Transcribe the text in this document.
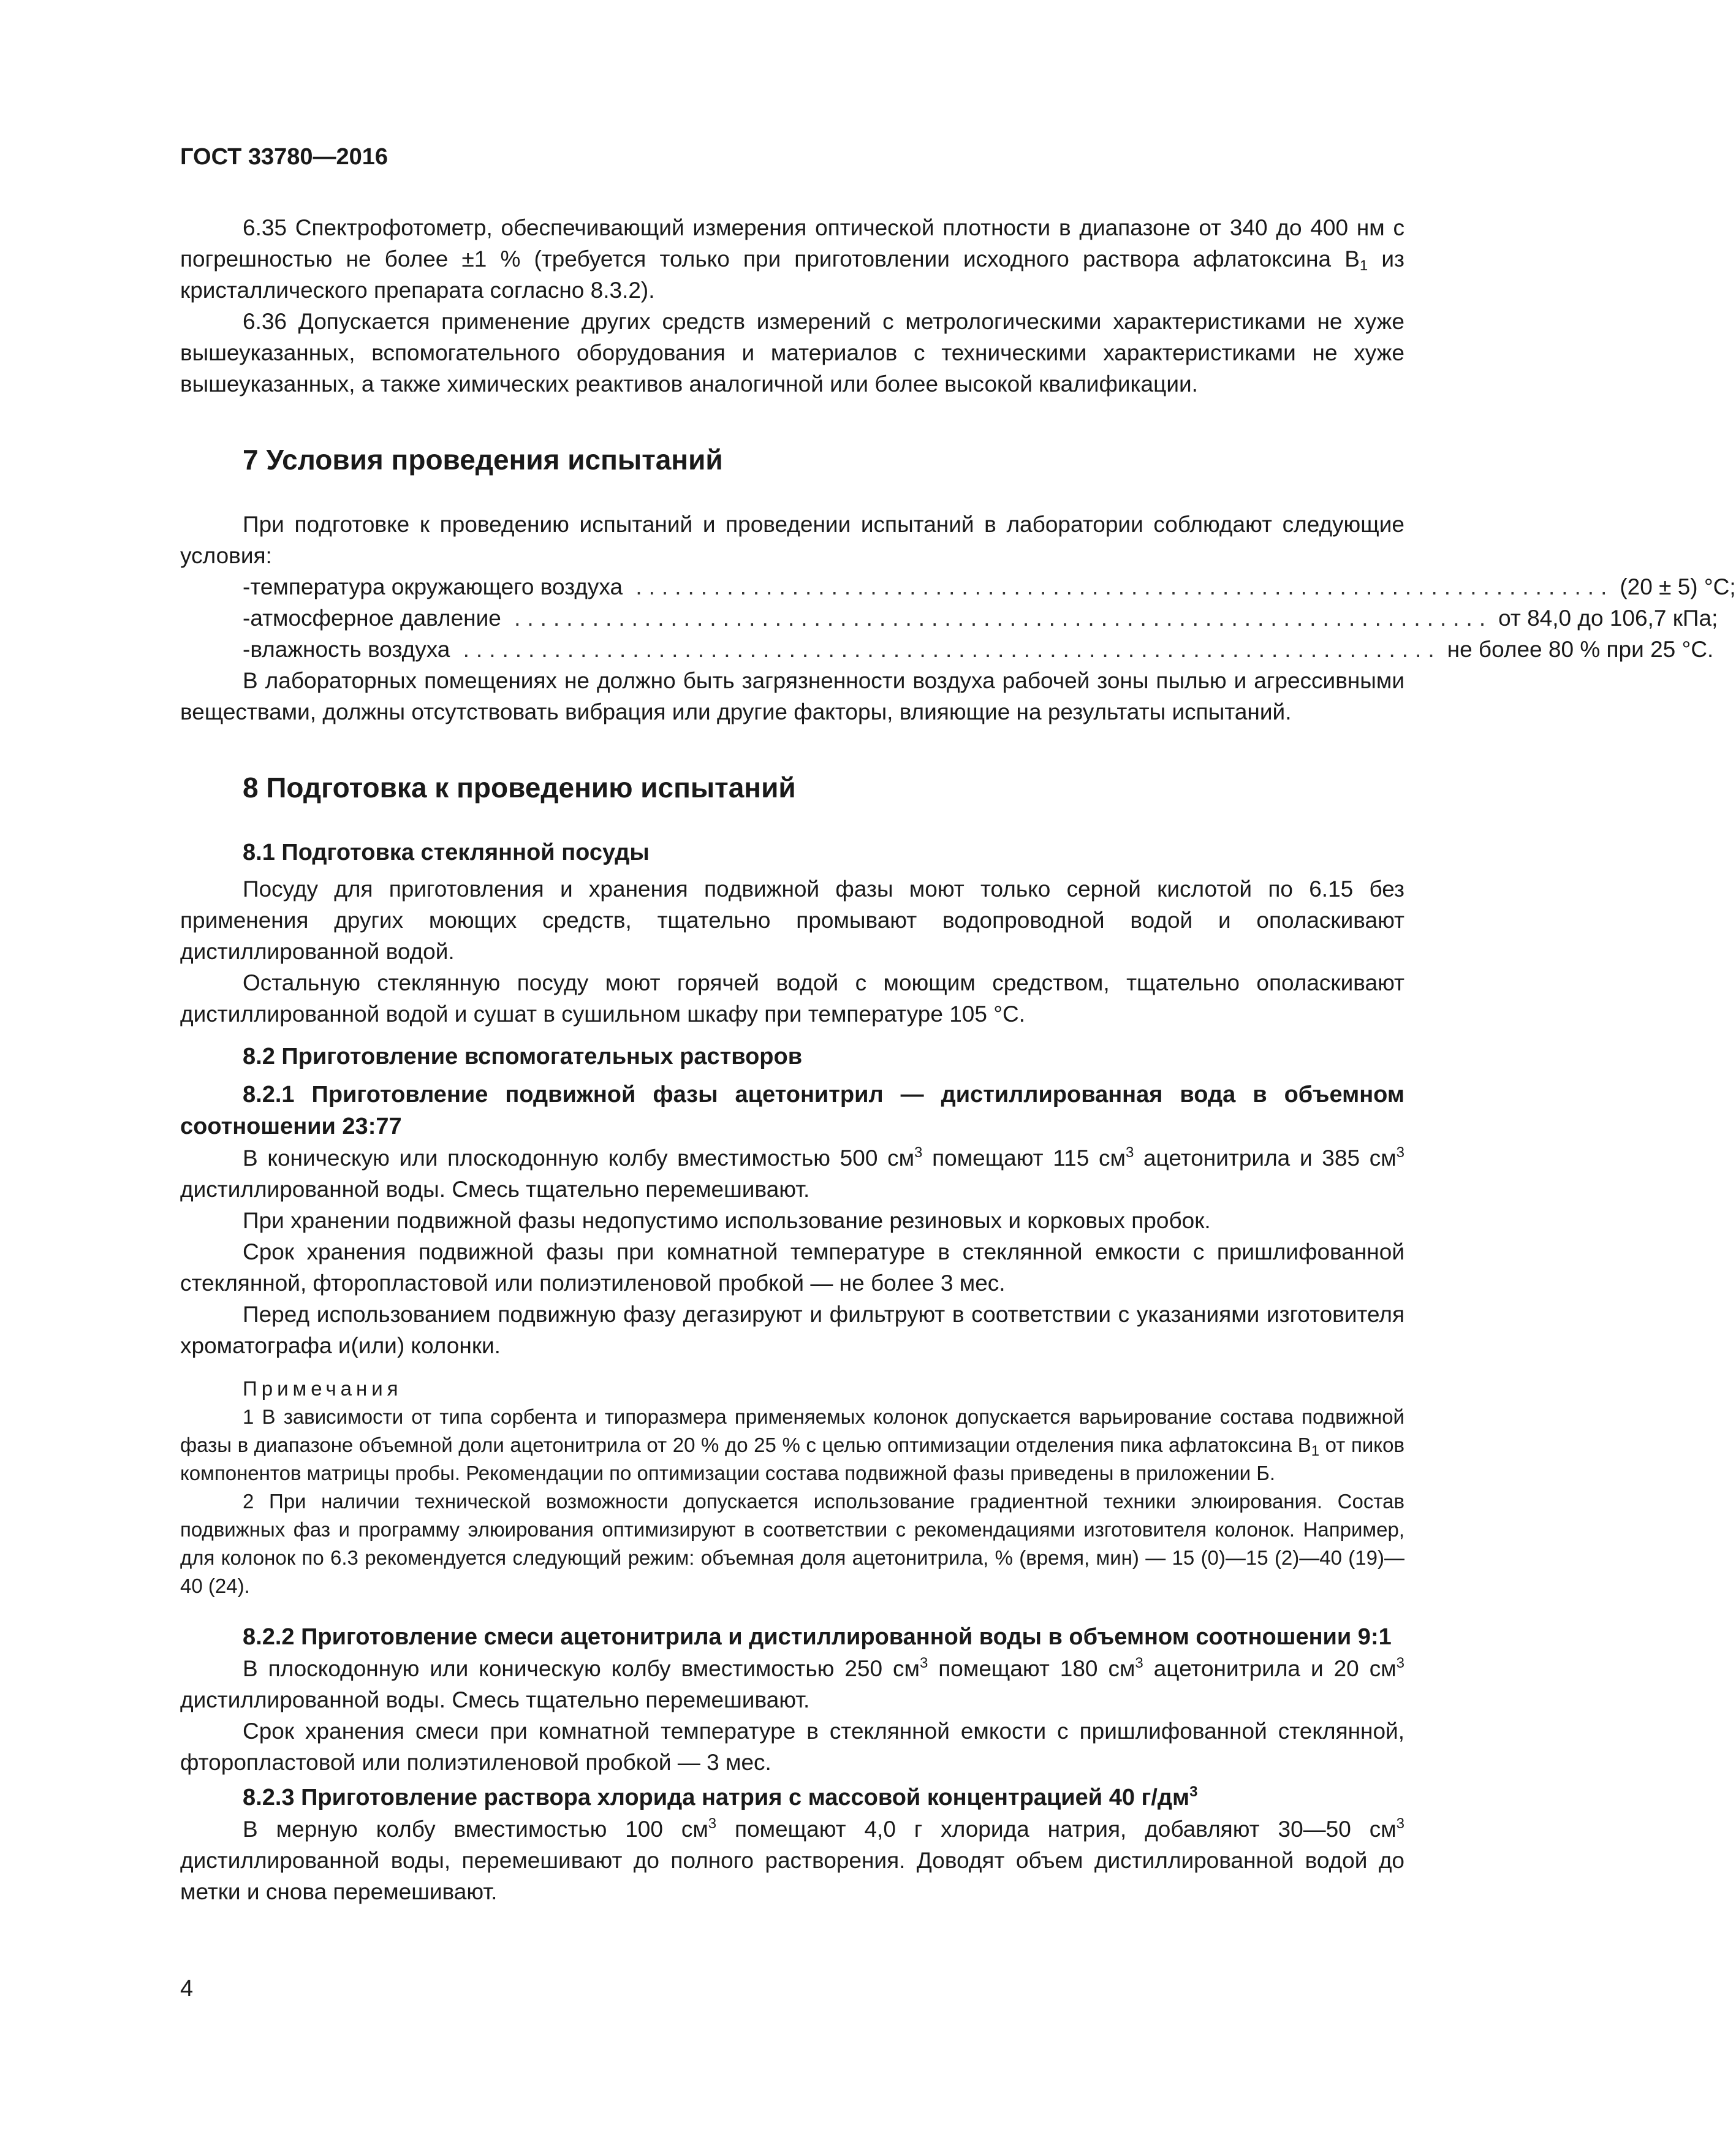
ГОСТ 33780—2016

6.35 Спектрофотометр, обеспечивающий измерения оптической плотности в диапазоне от 340 до 400 нм с погрешностью не более ±1 % (требуется только при приготовлении исходного раствора афлатоксина $В_1$ из кристаллического препарата согласно 8.3.2).

6.36 Допускается применение других средств измерений с метрологическими характеристиками не хуже вышеуказанных, вспомогательного оборудования и материалов с техническими характеристиками не хуже вышеуказанных, а также химических реактивов аналогичной или более высокой квалификации.

7 Условия проведения испытаний

При подготовке к проведению испытаний и проведении испытаний в лаборатории соблюдают следующие условия:

- температура окружающего воздуха ........................................................................... (20 ± 5) °С;
- атмосферное давление ........................................................................... от 84,0 до 106,7 кПа;
- влажность воздуха ........................................................................... не более 80 % при 25 °С.

В лабораторных помещениях не должно быть загрязненности воздуха рабочей зоны пылью и агрессивными веществами, должны отсутствовать вибрация или другие факторы, влияющие на результаты испытаний.

8 Подготовка к проведению испытаний
8.1 Подготовка стеклянной посуды

Посуду для приготовления и хранения подвижной фазы моют только серной кислотой по 6.15 без применения других моющих средств, тщательно промывают водопроводной водой и ополаскивают дистиллированной водой.

Остальную стеклянную посуду моют горячей водой с моющим средством, тщательно ополаскивают дистиллированной водой и сушат в сушильном шкафу при температуре 105 °С.

8.2 Приготовление вспомогательных растворов
8.2.1 Приготовление подвижной фазы ацетонитрил — дистиллированная вода в объемном соотношении 23:77

В коническую или плоскодонную колбу вместимостью 500 $см^3$ помещают 115 $см^3$ ацетонитрила и 385 $см^3$ дистиллированной воды. Смесь тщательно перемешивают.

При хранении подвижной фазы недопустимо использование резиновых и корковых пробок.

Срок хранения подвижной фазы при комнатной температуре в стеклянной емкости с пришлифованной стеклянной, фторопластовой или полиэтиленовой пробкой — не более 3 мес.

Перед использованием подвижную фазу дегазируют и фильтруют в соответствии с указаниями изготовителя хроматографа и(или) колонки.

Примечания

1 В зависимости от типа сорбента и типоразмера применяемых колонок допускается варьирование состава подвижной фазы в диапазоне объемной доли ацетонитрила от 20 % до 25 % с целью оптимизации отделения пика афлатоксина $В_1$ от пиков компонентов матрицы пробы. Рекомендации по оптимизации состава подвижной фазы приведены в приложении Б.

2 При наличии технической возможности допускается использование градиентной техники элюирования. Состав подвижных фаз и программу элюирования оптимизируют в соответствии с рекомендациями изготовителя колонок. Например, для колонок по 6.3 рекомендуется следующий режим: объемная доля ацетонитрила, % (время, мин) — 15 (0)—15 (2)—40 (19)—40 (24).

8.2.2 Приготовление смеси ацетонитрила и дистиллированной воды в объемном соотношении 9:1

В плоскодонную или коническую колбу вместимостью 250 $см^3$ помещают 180 $см^3$ ацетонитрила и 20 $см^3$ дистиллированной воды. Смесь тщательно перемешивают.

Срок хранения смеси при комнатной температуре в стеклянной емкости с пришлифованной стеклянной, фторопластовой или полиэтиленовой пробкой — 3 мес.

8.2.3 Приготовление раствора хлорида натрия с массовой концентрацией 40 $г/дм^3$

В мерную колбу вместимостью 100 $см^3$ помещают 4,0 г хлорида натрия, добавляют 30—50 $см^3$ дистиллированной воды, перемешивают до полного растворения. Доводят объем дистиллированной водой до метки и снова перемешивают.

4
